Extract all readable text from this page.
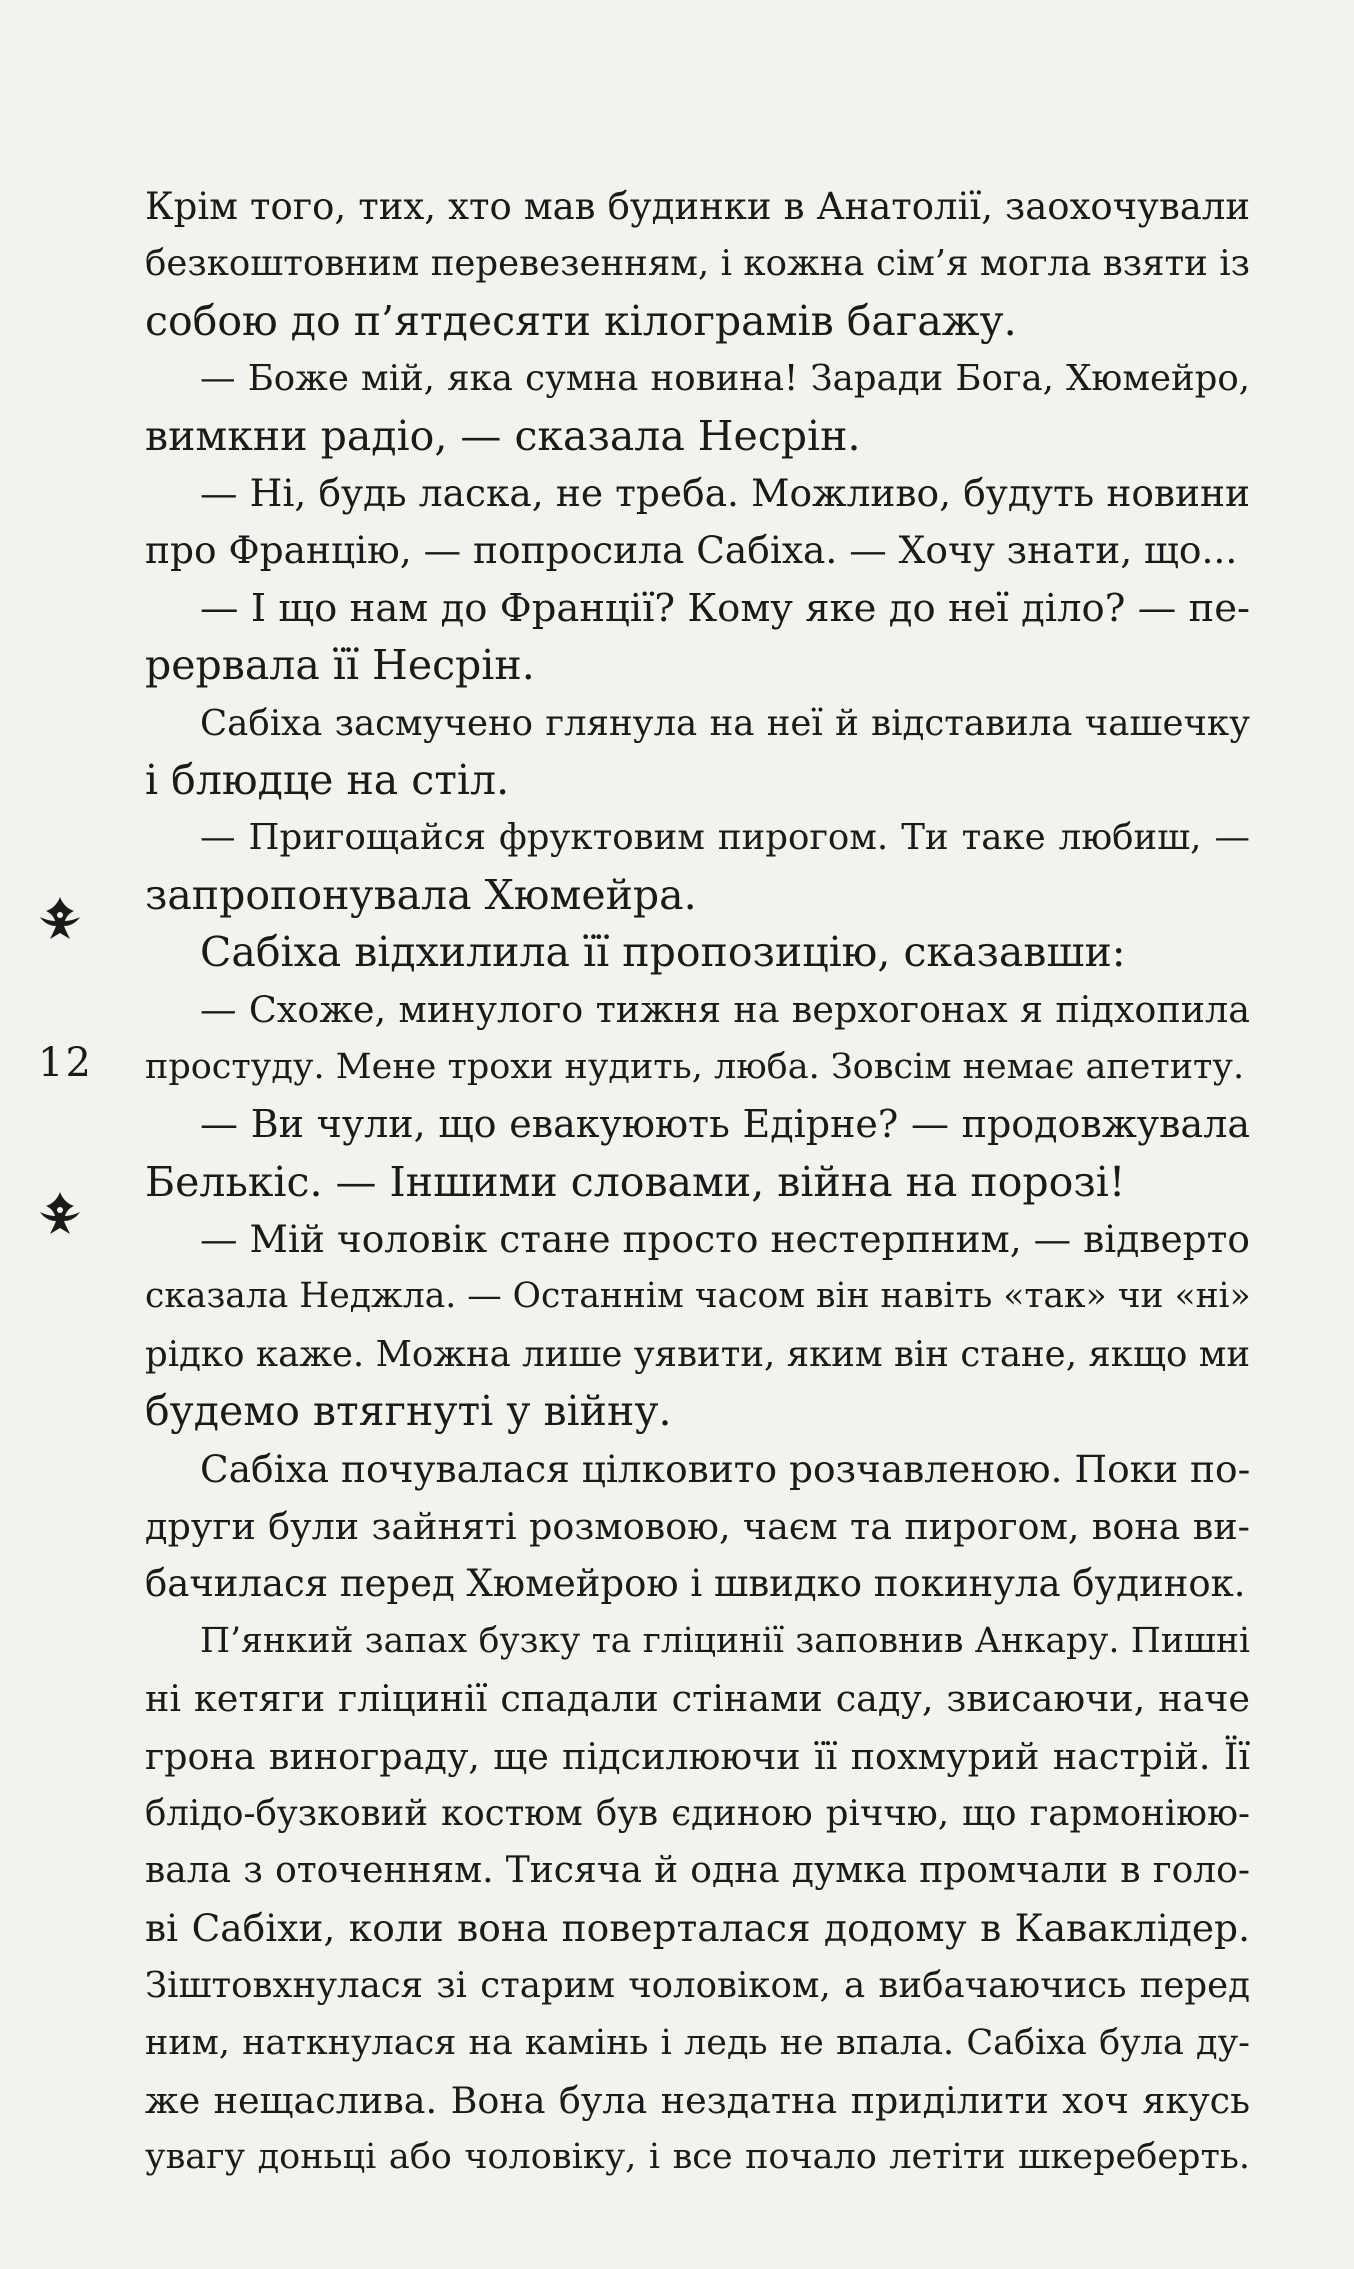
12
Крім того, тих, хто мав будинки в Анатолії, заохочували
безкоштовним перевезенням, і кожна сім’я могла взяти із
собою до п’ятдесяти кілограмів багажу.
— Боже мій, яка сумна новина! Заради Бога, Хюмейро,
вимкни радіо, — сказала Несрін.
— Ні, будь ласка, не треба. Можливо, будуть новини
про Францію, — попросила Сабіха. — Хочу знати, що...
— І що нам до Франції? Кому яке до неї діло? — пе-
рервала її Несрін.
Сабіха засмучено глянула на неї й відставила чашечку
і блюдце на стіл.
— Пригощайся фруктовим пирогом. Ти таке любиш, —
запропонувала Хюмейра.
Сабіха відхилила її пропозицію, сказавши:
— Схоже, минулого тижня на верхогонах я підхопила
простуду. Мене трохи нудить, люба. Зовсім немає апетиту.
— Ви чули, що евакуюють Едірне? — продовжувала
Белькіс. — Іншими словами, війна на порозі!
— Мій чоловік стане просто нестерпним, — відверто
сказала Неджла. — Останнім часом він навіть «так» чи «ні»
рідко каже. Можна лише уявити, яким він стане, якщо ми
будемо втягнуті у війну.
Сабіха почувалася цілковито розчавленою. Поки по-
други були зайняті розмовою, чаєм та пирогом, вона ви-
бачилася перед Хюмейрою і швидко покинула будинок.
П’янкий запах бузку та гліцинії заповнив Анкару. Пишні
ні кетяги гліцинії спадали стінами саду, звисаючи, наче
грона винограду, ще підсилюючи її похмурий настрій. Її
блідо-бузковий костюм був єдиною річчю, що гармоніюю-
вала з оточенням. Тисяча й одна думка промчали в голо-
ві Сабіхи, коли вона поверталася додому в Каваклідер.
Зіштовхнулася зі старим чоловіком, а вибачаючись перед
ним, наткнулася на камінь і ледь не впала. Сабіха була ду-
же нещаслива. Вона була нездатна приділити хоч якусь
увагу доньці або чоловіку, і все почало летіти шкереберть.
